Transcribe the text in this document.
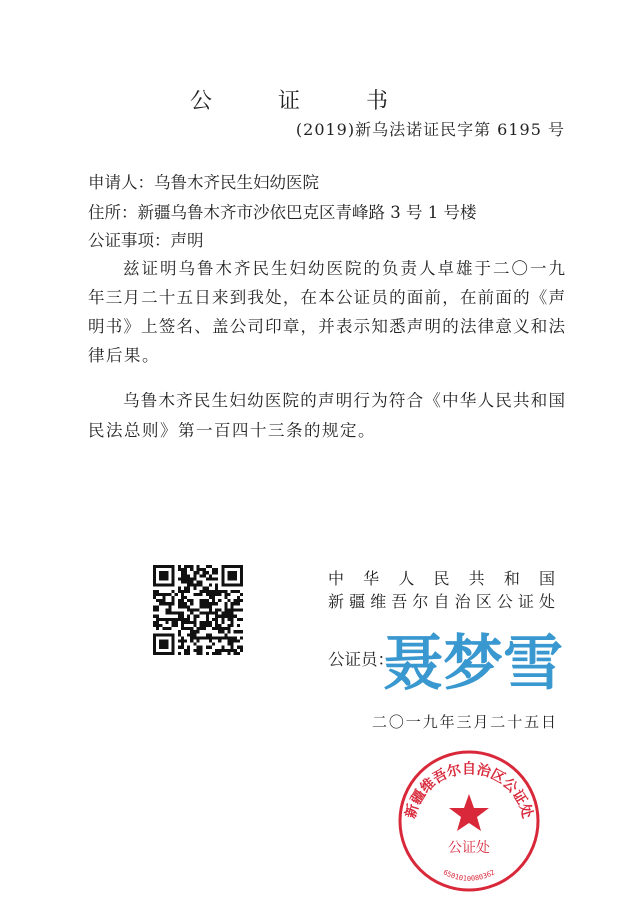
公　证　书
(2019)新乌法诺证民字第 6195 号
申请人：乌鲁木齐民生妇幼医院
住所：新疆乌鲁木齐市沙依巴克区青峰路 3 号 1 号楼
公证事项：声明
兹证明乌鲁木齐民生妇幼医院的负责人卓雄于二〇一九
年三月二十五日来到我处，在本公证员的面前，在前面的《声
明书》上签名、盖公司印章，并表示知悉声明的法律意义和法
律后果。
乌鲁木齐民生妇幼医院的声明行为符合《中华人民共和国
民法总则》第一百四十三条的规定。
中华人民共和国
新疆维吾尔自治区公证处
公证员：
聂梦雪
二〇一九年三月二十五日
新疆维吾尔自治区公证处
公证处
6501010080362
